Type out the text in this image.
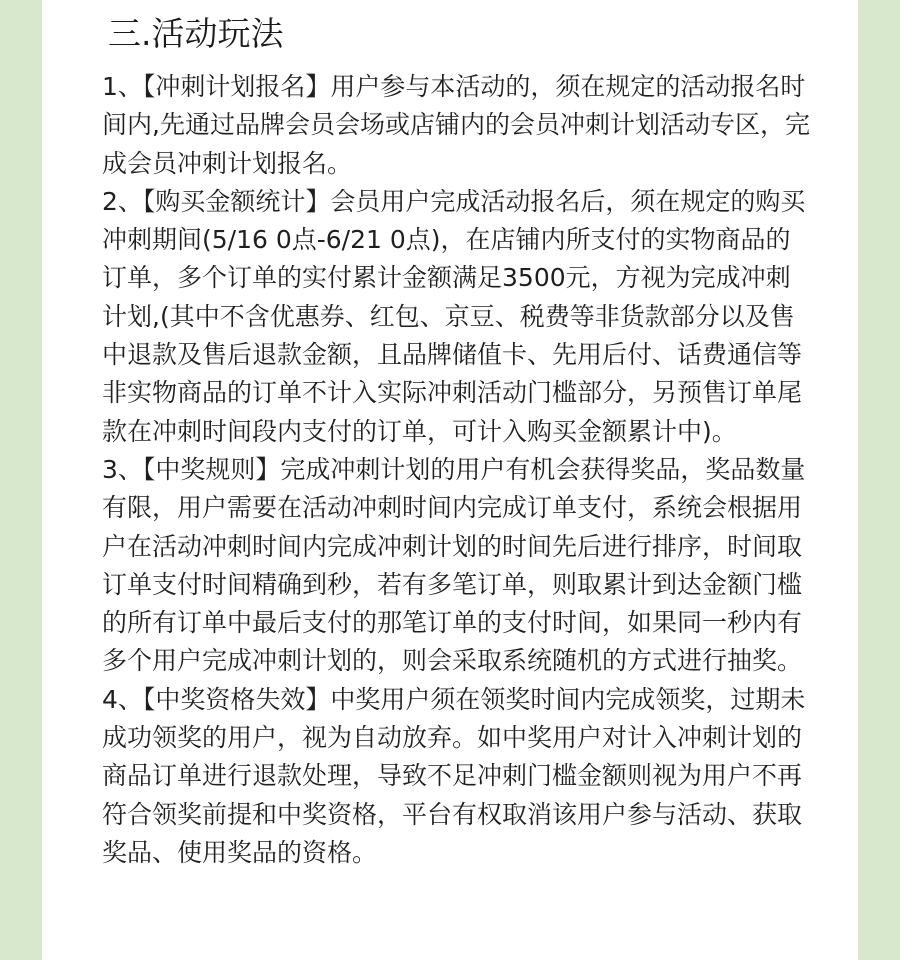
三.活动玩法
1、【冲刺计划报名】用户参与本活动的，须在规定的活动报名时间内,先通过品牌会员会场或店铺内的会员冲刺计划活动专区，完成会员冲刺计划报名。
2、【购买金额统计】会员用户完成活动报名后，须在规定的购买冲刺期间(5/16 0点-6/21 0点)，在店铺内所支付的实物商品的订单，多个订单的实付累计金额满足3500元，方视为完成冲刺计划,(其中不含优惠券、红包、京豆、税费等非货款部分以及售中退款及售后退款金额，且品牌储值卡、先用后付、话费通信等非实物商品的订单不计入实际冲刺活动门槛部分，另预售订单尾款在冲刺时间段内支付的订单，可计入购买金额累计中)。
3、【中奖规则】完成冲刺计划的用户有机会获得奖品，奖品数量有限，用户需要在活动冲刺时间内完成订单支付，系统会根据用户在活动冲刺时间内完成冲刺计划的时间先后进行排序，时间取订单支付时间精确到秒，若有多笔订单，则取累计到达金额门槛的所有订单中最后支付的那笔订单的支付时间，如果同一秒内有多个用户完成冲刺计划的，则会采取系统随机的方式进行抽奖。
4、【中奖资格失效】中奖用户须在领奖时间内完成领奖，过期未成功领奖的用户，视为自动放弃。如中奖用户对计入冲刺计划的商品订单进行退款处理，导致不足冲刺门槛金额则视为用户不再符合领奖前提和中奖资格，平台有权取消该用户参与活动、获取奖品、使用奖品的资格。
